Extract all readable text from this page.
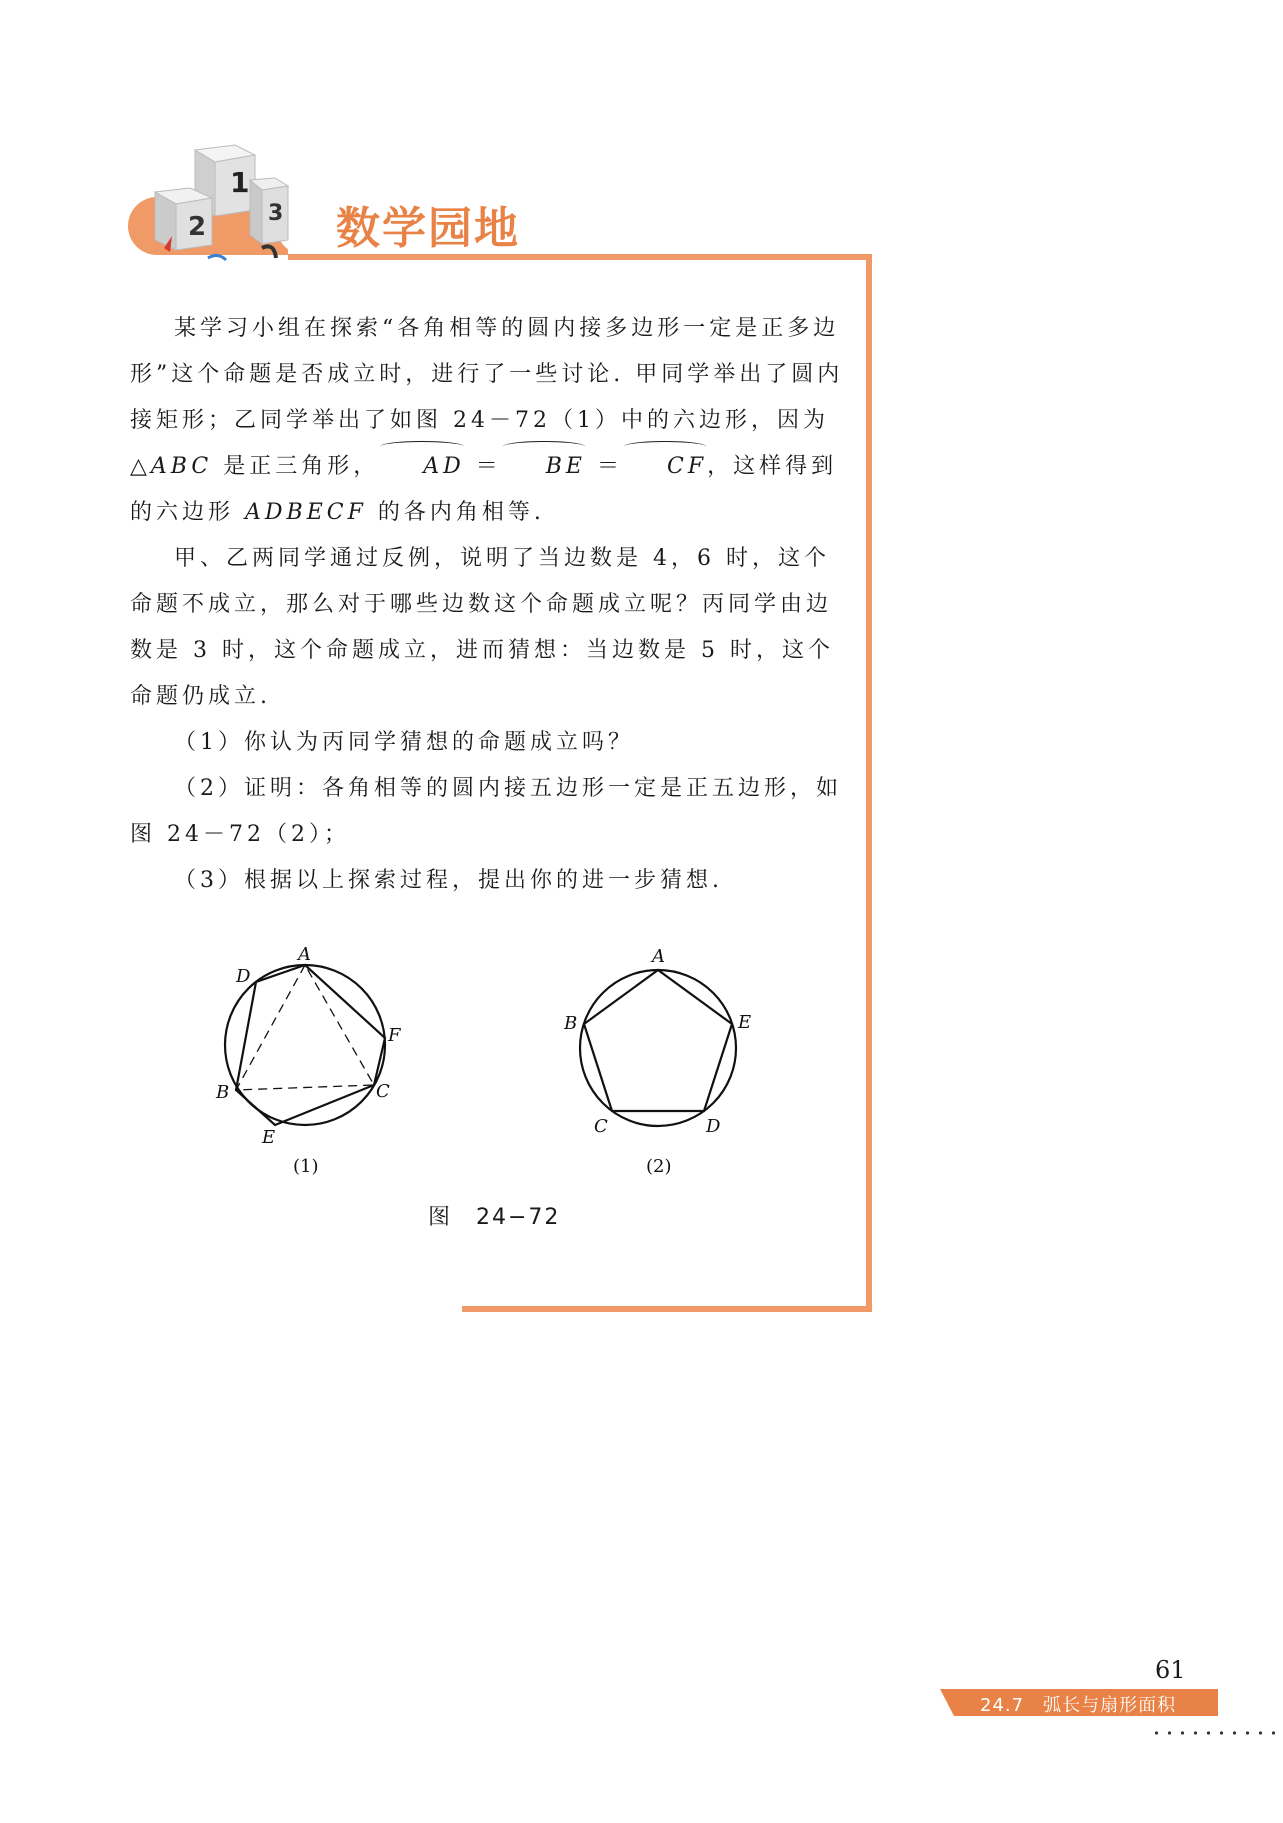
1
2	3 数学园地

某学习小组在探索“各角相等的圆内接多边形一定是正多边形”这个命题是否成立时，进行了一些讨论. 甲同学举出了圆内接矩形；乙同学举出了如图 24－72（1）中的六边形，因为△ABC 是正三角形， AD ＝ BE ＝ CF，这样得到的六边形 ADBECF 的各内角相等.

甲、乙两同学通过反例，说明了当边数是 4，6 时，这个命题不成立，那么对于哪些边数这个命题成立呢？丙同学由边数是 3 时，这个命题成立，进而猜想：当边数是 5 时，这个命题仍成立.

（1）你认为丙同学猜想的命题成立吗？

（2）证明：各角相等的圆内接五边形一定是正五边形，如图 24－72（2）；

（3）根据以上探索过程，提出你的进一步猜想.

A
D
F
B	C
E
(1)
A
B	E
C	D
(2)
图　24−72
61
24.7　弧长与扇形面积
